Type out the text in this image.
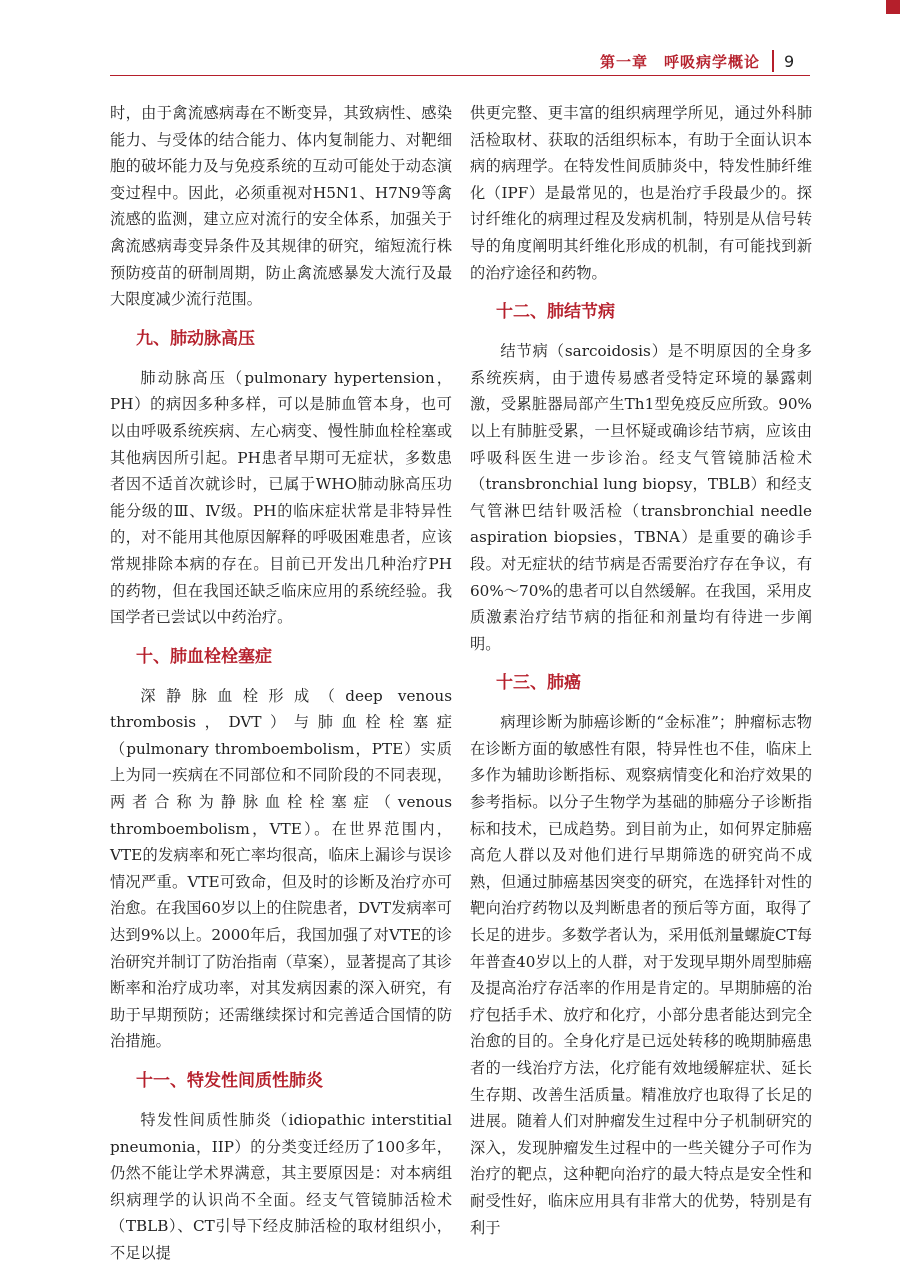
第一章　呼吸病学概论 9

时，由于禽流感病毒在不断变异，其致病性、感染能力、与受体的结合能力、体内复制能力、对靶细胞的破坏能力及与免疫系统的互动可能处于动态演变过程中。因此，必须重视对H5N1、H7N9等禽流感的监测，建立应对流行的安全体系，加强关于禽流感病毒变异条件及其规律的研究，缩短流行株预防疫苗的研制周期，防止禽流感暴发大流行及最大限度减少流行范围。

九、肺动脉高压

肺动脉高压（pulmonary hypertension，PH）的病因多种多样，可以是肺血管本身，也可以由呼吸系统疾病、左心病变、慢性肺血栓栓塞或其他病因所引起。PH患者早期可无症状，多数患者因不适首次就诊时，已属于WHO肺动脉高压功能分级的Ⅲ、Ⅳ级。PH的临床症状常是非特异性的，对不能用其他原因解释的呼吸困难患者，应该常规排除本病的存在。目前已开发出几种治疗PH的药物，但在我国还缺乏临床应用的系统经验。我国学者已尝试以中药治疗。

十、肺血栓栓塞症

深静脉血栓形成（deep venous thrombosis，DVT）与肺血栓栓塞症（pulmonary thromboembolism，PTE）实质上为同一疾病在不同部位和不同阶段的不同表现，两者合称为静脉血栓栓塞症（venous thromboembolism，VTE）。在世界范围内，VTE的发病率和死亡率均很高，临床上漏诊与误诊情况严重。VTE可致命，但及时的诊断及治疗亦可治愈。在我国60岁以上的住院患者，DVT发病率可达到9%以上。2000年后，我国加强了对VTE的诊治研究并制订了防治指南（草案），显著提高了其诊断率和治疗成功率，对其发病因素的深入研究，有助于早期预防；还需继续探讨和完善适合国情的防治措施。

十一、特发性间质性肺炎

特发性间质性肺炎（idiopathic interstitial pneumonia，IIP）的分类变迁经历了100多年，仍然不能让学术界满意，其主要原因是：对本病组织病理学的认识尚不全面。经支气管镜肺活检术（TBLB）、CT引导下经皮肺活检的取材组织小，不足以提

供更完整、更丰富的组织病理学所见，通过外科肺活检取材、获取的活组织标本，有助于全面认识本病的病理学。在特发性间质肺炎中，特发性肺纤维化（IPF）是最常见的，也是治疗手段最少的。探讨纤维化的病理过程及发病机制，特别是从信号转导的角度阐明其纤维化形成的机制，有可能找到新的治疗途径和药物。

十二、肺结节病

结节病（sarcoidosis）是不明原因的全身多系统疾病，由于遗传易感者受特定环境的暴露刺激，受累脏器局部产生Th1型免疫反应所致。90%以上有肺脏受累，一旦怀疑或确诊结节病，应该由呼吸科医生进一步诊治。经支气管镜肺活检术（transbronchial lung biopsy，TBLB）和经支气管淋巴结针吸活检（transbronchial needle aspiration biopsies，TBNA）是重要的确诊手段。对无症状的结节病是否需要治疗存在争议，有60%～70%的患者可以自然缓解。在我国，采用皮质激素治疗结节病的指征和剂量均有待进一步阐明。

十三、肺癌

病理诊断为肺癌诊断的“金标准”；肿瘤标志物在诊断方面的敏感性有限，特异性也不佳，临床上多作为辅助诊断指标、观察病情变化和治疗效果的参考指标。以分子生物学为基础的肺癌分子诊断指标和技术，已成趋势。到目前为止，如何界定肺癌高危人群以及对他们进行早期筛选的研究尚不成熟，但通过肺癌基因突变的研究，在选择针对性的靶向治疗药物以及判断患者的预后等方面，取得了长足的进步。多数学者认为，采用低剂量螺旋CT每年普查40岁以上的人群，对于发现早期外周型肺癌及提高治疗存活率的作用是肯定的。早期肺癌的治疗包括手术、放疗和化疗，小部分患者能达到完全治愈的目的。全身化疗是已远处转移的晚期肺癌患者的一线治疗方法，化疗能有效地缓解症状、延长生存期、改善生活质量。精准放疗也取得了长足的进展。随着人们对肿瘤发生过程中分子机制研究的深入，发现肿瘤发生过程中的一些关键分子可作为治疗的靶点，这种靶向治疗的最大特点是安全性和耐受性好，临床应用具有非常大的优势，特别是有利于
